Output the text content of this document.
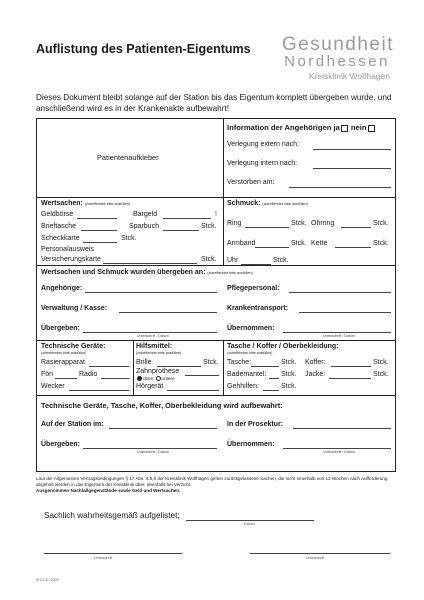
Auflistung des Patienten-Eigentums Gesundheit
Nordhessen
Kreisklinik Wolfhagen
Dieses Dokument bleibt solange auf der Station bis das Eigentum komplett übergeben wurde, und anschließend wird es in der Krankenakte aufbewahrt!
Patientenaufkleber
Information der Angehörigen ja nein
Verlegung extern nach:
Verlegung intern nach:
Verstorben am:
Wertsachen: (zutreffendes bitte ausfüllen)
Geldbörse	Bargeld	!
Brieftasche	Sparbuch	Stck.
Scheckkarte	Stck.
Personalausweis
Versicherungskarte	Stck.
Schmuck: (zutreffendes bitte ausfüllen)
Ring	Stck. Ohrring	Stck.
Armband	Stck. Kette	Stck.
Uhr	Stck.
Wertsachen und Schmuck wurden übergeben an: (zutreffendes bitte ausfüllen)
Angehörige:	Pflegepersonal:
Verwaltung / Kasse:	Krankentransport:
Übergeben:
Unterschrift / Datum
Übernommen:
Unterschrift / Datum
Technische Geräte:
(zutreffendes bitte ausfüllen)
Rasierapparat
Fön	Radio
Wecker
Hilfsmittel:
(zutreffendes bitte ausfüllen)
Brille	Stck.
Zahnprothese
oben untere
Hörgerät
Tasche / Koffer / Oberbekleidung:
(zutreffendes bitte ausfüllen)
Tasche:	Stck. Koffer:	Stck.
Bademantel: Stck. Jacke:	Stck.
Gehhilfen:	Stck.
Technische Geräte, Tasche, Koffer, Oberbekleidung wird aufbewahrt:
Auf der Station im:	In der Prosektur:
Übergeben:
Unterschrift / Datum
Übernommen:
Unterschrift / Datum
Laut der Allgemeinen Vertragsbedingungen § 17 Abs. 4,5,6 der Kreisklinik Wolfhagen gehen zurückgelassene Sachen, die nicht innerhalb von 12 Wochen nach Aufforderung abgeholt werden in das Eigentum der Kreisklinik über, ebenfalls bei Verzicht.
Ausgenommen Nachlaßgegenstände sowie Geld und Wertsachen.
Sachlich wahrheitsgemäß aufgelistet:
Datum
Unterschrift	Unterschrift
Kt7/2-6 / 1009
